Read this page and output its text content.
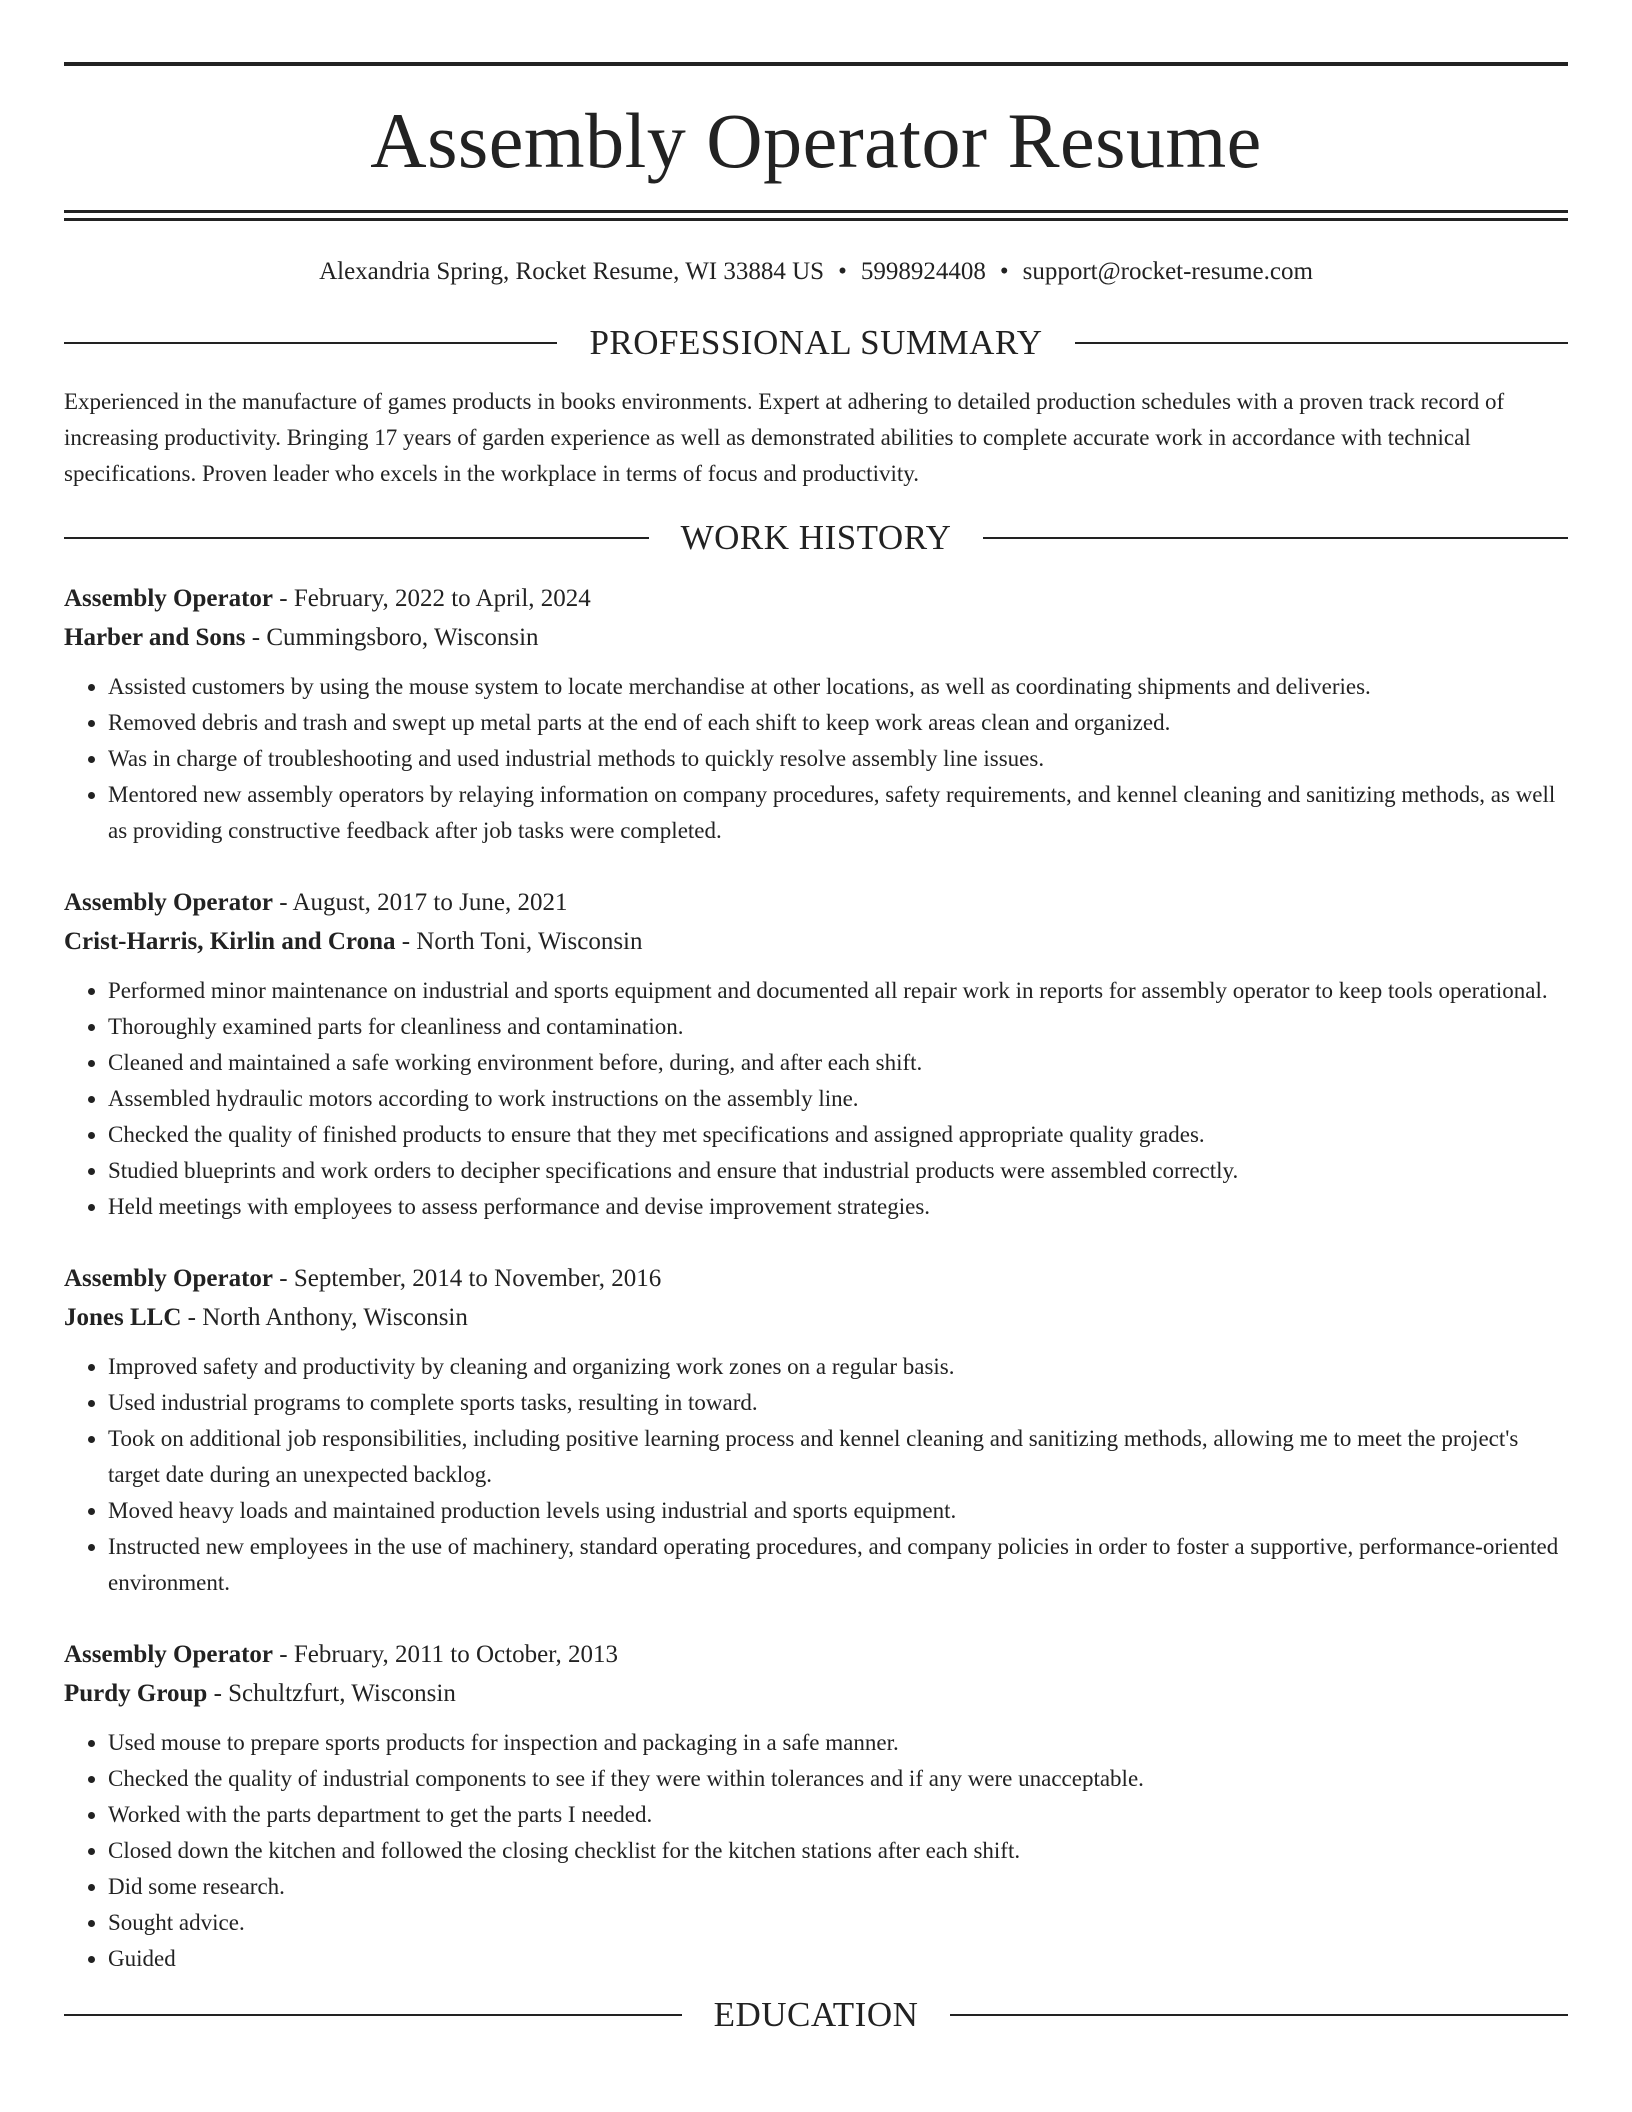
Assembly Operator Resume
Alexandria Spring, Rocket Resume, WI 33884 US • 5998924408 • support@rocket-resume.com
PROFESSIONAL SUMMARY
Experienced in the manufacture of games products in books environments. Expert at adhering to detailed production schedules with a proven track record of increasing productivity. Bringing 17 years of garden experience as well as demonstrated abilities to complete accurate work in accordance with technical specifications. Proven leader who excels in the workplace in terms of focus and productivity.
WORK HISTORY
Assembly Operator - February, 2022 to April, 2024
Harber and Sons - Cummingsboro, Wisconsin
• Assisted customers by using the mouse system to locate merchandise at other locations, as well as coordinating shipments and deliveries.
• Removed debris and trash and swept up metal parts at the end of each shift to keep work areas clean and organized.
• Was in charge of troubleshooting and used industrial methods to quickly resolve assembly line issues.
• Mentored new assembly operators by relaying information on company procedures, safety requirements, and kennel cleaning and sanitizing methods, as well as providing constructive feedback after job tasks were completed.
Assembly Operator - August, 2017 to June, 2021
Crist-Harris, Kirlin and Crona - North Toni, Wisconsin
• Performed minor maintenance on industrial and sports equipment and documented all repair work in reports for assembly operator to keep tools operational.
• Thoroughly examined parts for cleanliness and contamination.
• Cleaned and maintained a safe working environment before, during, and after each shift.
• Assembled hydraulic motors according to work instructions on the assembly line.
• Checked the quality of finished products to ensure that they met specifications and assigned appropriate quality grades.
• Studied blueprints and work orders to decipher specifications and ensure that industrial products were assembled correctly.
• Held meetings with employees to assess performance and devise improvement strategies.
Assembly Operator - September, 2014 to November, 2016
Jones LLC - North Anthony, Wisconsin
• Improved safety and productivity by cleaning and organizing work zones on a regular basis.
• Used industrial programs to complete sports tasks, resulting in toward.
• Took on additional job responsibilities, including positive learning process and kennel cleaning and sanitizing methods, allowing me to meet the project's target date during an unexpected backlog.
• Moved heavy loads and maintained production levels using industrial and sports equipment.
• Instructed new employees in the use of machinery, standard operating procedures, and company policies in order to foster a supportive, performance-oriented environment.
Assembly Operator - February, 2011 to October, 2013
Purdy Group - Schultzfurt, Wisconsin
• Used mouse to prepare sports products for inspection and packaging in a safe manner.
• Checked the quality of industrial components to see if they were within tolerances and if any were unacceptable.
• Worked with the parts department to get the parts I needed.
• Closed down the kitchen and followed the closing checklist for the kitchen stations after each shift.
• Did some research.
• Sought advice.
• Guided
EDUCATION
